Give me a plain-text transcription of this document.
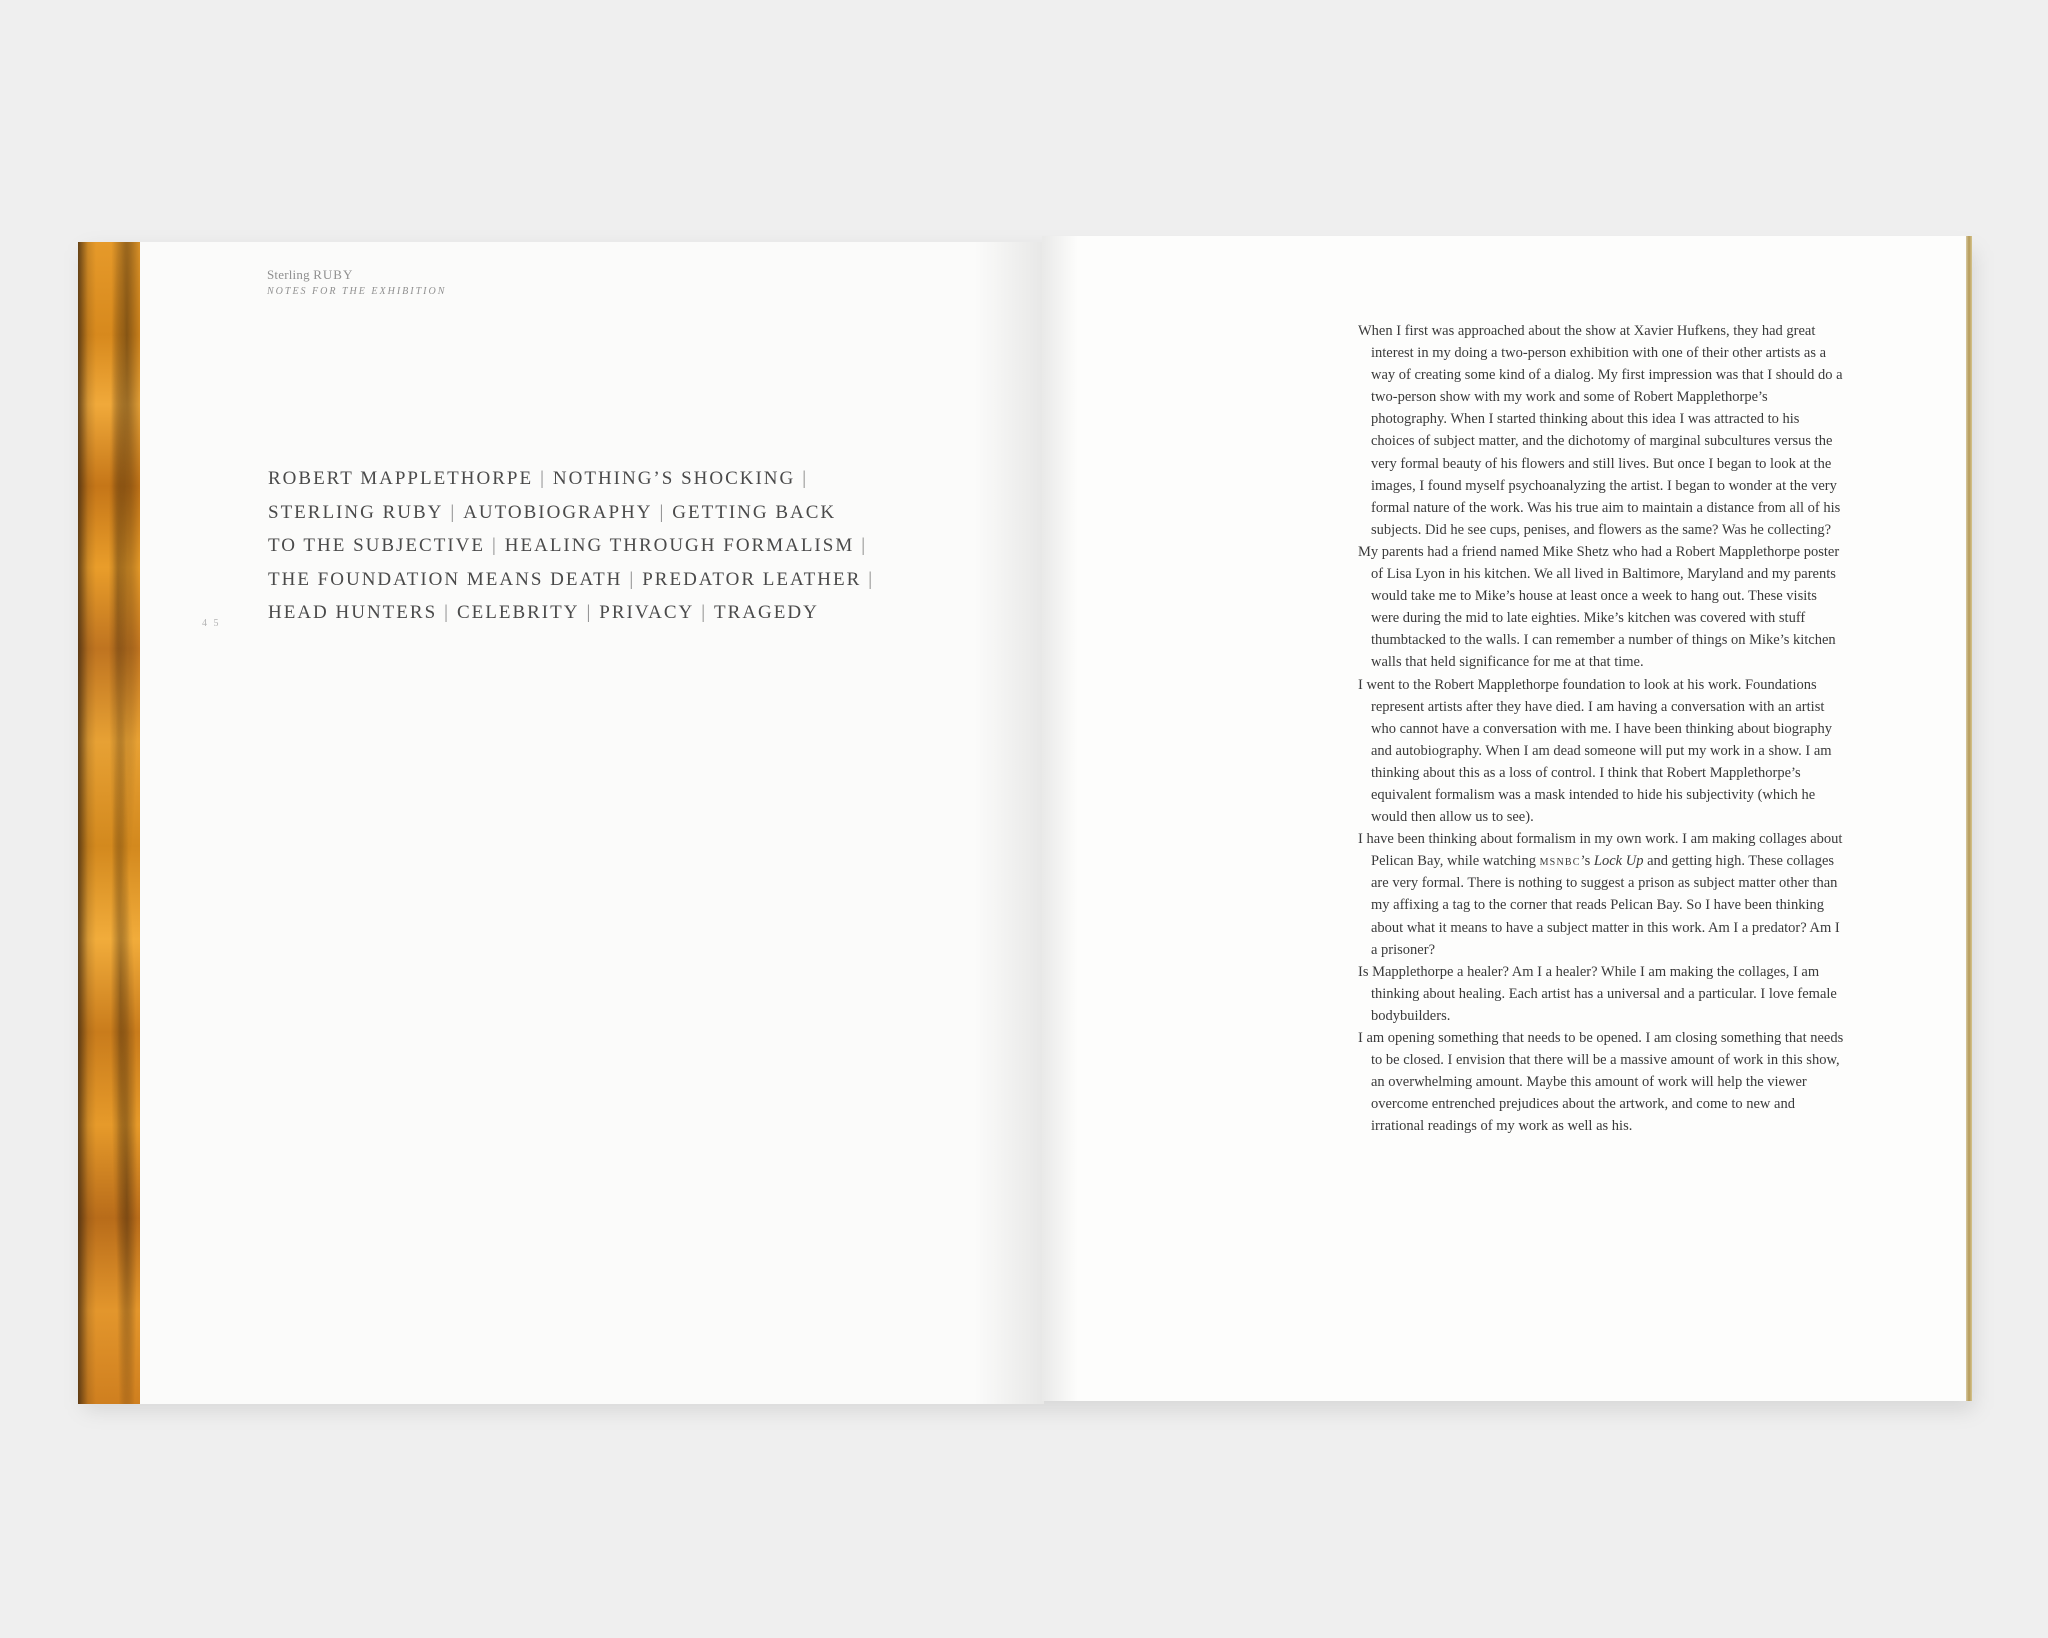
Sterling RUBY
NOTES FOR THE EXHIBITION
4 5
ROBERT MAPPLETHORPE | NOTHING’S SHOCKING |
STERLING RUBY | AUTOBIOGRAPHY | GETTING BACK
TO THE SUBJECTIVE | HEALING THROUGH FORMALISM |
THE FOUNDATION MEANS DEATH | PREDATOR LEATHER |
HEAD HUNTERS | CELEBRITY | PRIVACY | TRAGEDY

When I first was approached about the show at Xavier Hufkens, they had great interest in my doing a two-person exhibition with one of their other artists as a way of creating some kind of a dialog. My first impression was that I should do a two-person show with my work and some of Robert Mapplethorpe’s photography. When I started thinking about this idea I was attracted to his choices of subject matter, and the dichotomy of marginal subcultures versus the very formal beauty of his flowers and still lives. But once I began to look at the images, I found myself psychoanalyzing the artist. I began to wonder at the very formal nature of the work. Was his true aim to maintain a distance from all of his subjects. Did he see cups, penises, and flowers as the same? Was he collecting?

My parents had a friend named Mike Shetz who had a Robert Mapplethorpe poster of Lisa Lyon in his kitchen. We all lived in Baltimore, Maryland and my parents would take me to Mike’s house at least once a week to hang out. These visits were during the mid to late eighties. Mike’s kitchen was covered with stuff thumbtacked to the walls. I can remember a number of things on Mike’s kitchen walls that held significance for me at that time.

I went to the Robert Mapplethorpe foundation to look at his work. Foundations represent artists after they have died. I am having a conversation with an artist who cannot have a conversation with me. I have been thinking about biography and autobiography. When I am dead someone will put my work in a show. I am thinking about this as a loss of control. I think that Robert Mapplethorpe’s equivalent formalism was a mask intended to hide his subjectivity (which he would then allow us to see).

I have been thinking about formalism in my own work. I am making collages about Pelican Bay, while watching msnbc’s Lock Up and getting high. These collages are very formal. There is nothing to suggest a prison as subject matter other than my affixing a tag to the corner that reads Pelican Bay. So I have been thinking about what it means to have a subject matter in this work. Am I a predator? Am I a prisoner?

Is Mapplethorpe a healer? Am I a healer? While I am making the collages, I am thinking about healing. Each artist has a universal and a particular. I love female bodybuilders.

I am opening something that needs to be opened. I am closing something that needs to be closed. I envision that there will be a massive amount of work in this show, an overwhelming amount. Maybe this amount of work will help the viewer overcome entrenched prejudices about the artwork, and come to new and irrational readings of my work as well as his.
